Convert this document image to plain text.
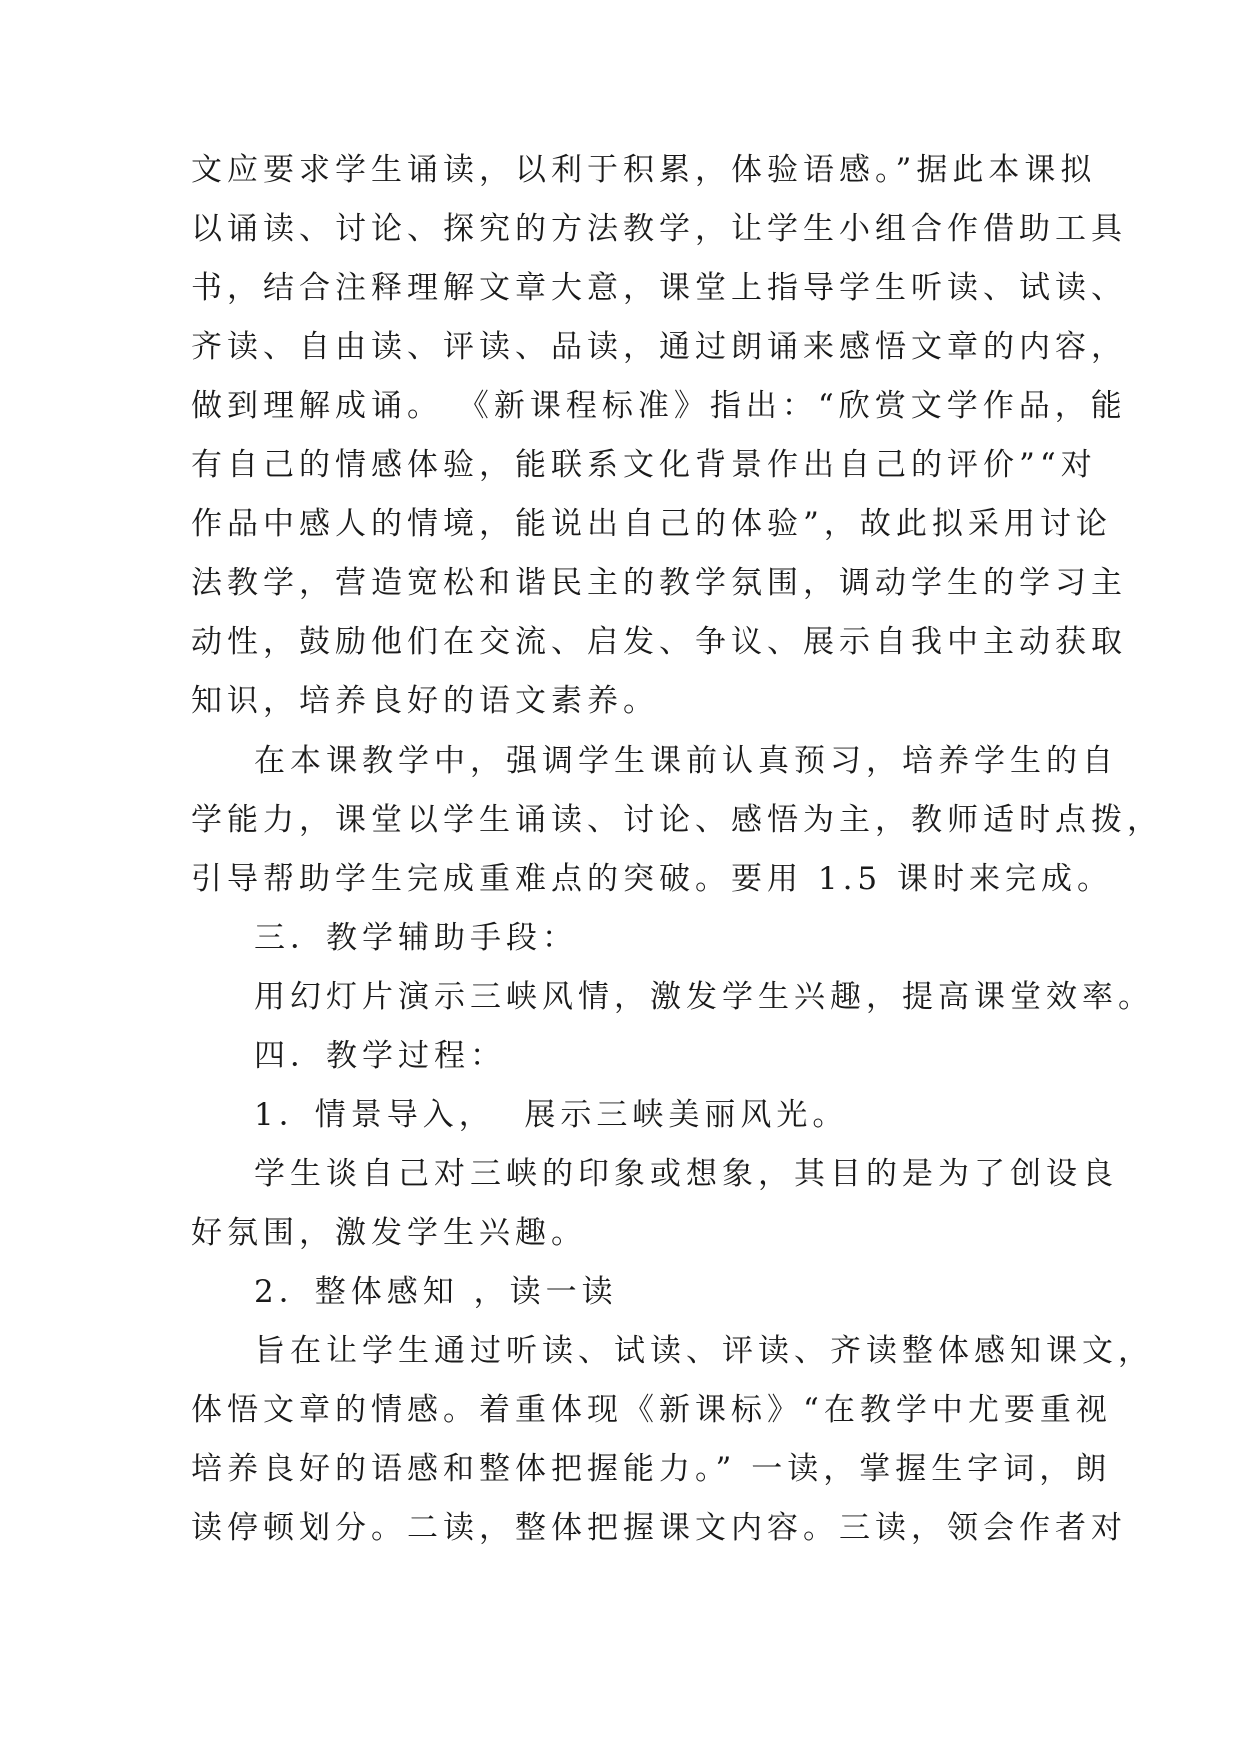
文应要求学生诵读，以利于积累，体验语感。”据此本课拟
以诵读、讨论、探究的方法教学，让学生小组合作借助工具
书，结合注释理解文章大意，课堂上指导学生听读、试读、
齐读、自由读、评读、品读，通过朗诵来感悟文章的内容，
做到理解成诵。 《新课程标准》指出：“欣赏文学作品，能
有自己的情感体验，能联系文化背景作出自己的评价”“对
作品中感人的情境，能说出自己的体验”，故此拟采用讨论
法教学，营造宽松和谐民主的教学氛围，调动学生的学习主
动性，鼓励他们在交流、启发、争议、展示自我中主动获取
知识，培养良好的语文素养。
在本课教学中，强调学生课前认真预习，培养学生的自
学能力，课堂以学生诵读、讨论、感悟为主，教师适时点拨，
引导帮助学生完成重难点的突破。要用 1.5 课时来完成。
三．教学辅助手段：
用幻灯片演示三峡风情，激发学生兴趣，提高课堂效率。
四．教学过程：
1．情景导入，  展示三峡美丽风光。
学生谈自己对三峡的印象或想象，其目的是为了创设良
好氛围，激发学生兴趣。
2．整体感知 ，读一读
旨在让学生通过听读、试读、评读、齐读整体感知课文，
体悟文章的情感。着重体现《新课标》“在教学中尤要重视
培养良好的语感和整体把握能力。” 一读，掌握生字词，朗
读停顿划分。二读，整体把握课文内容。三读，领会作者对
